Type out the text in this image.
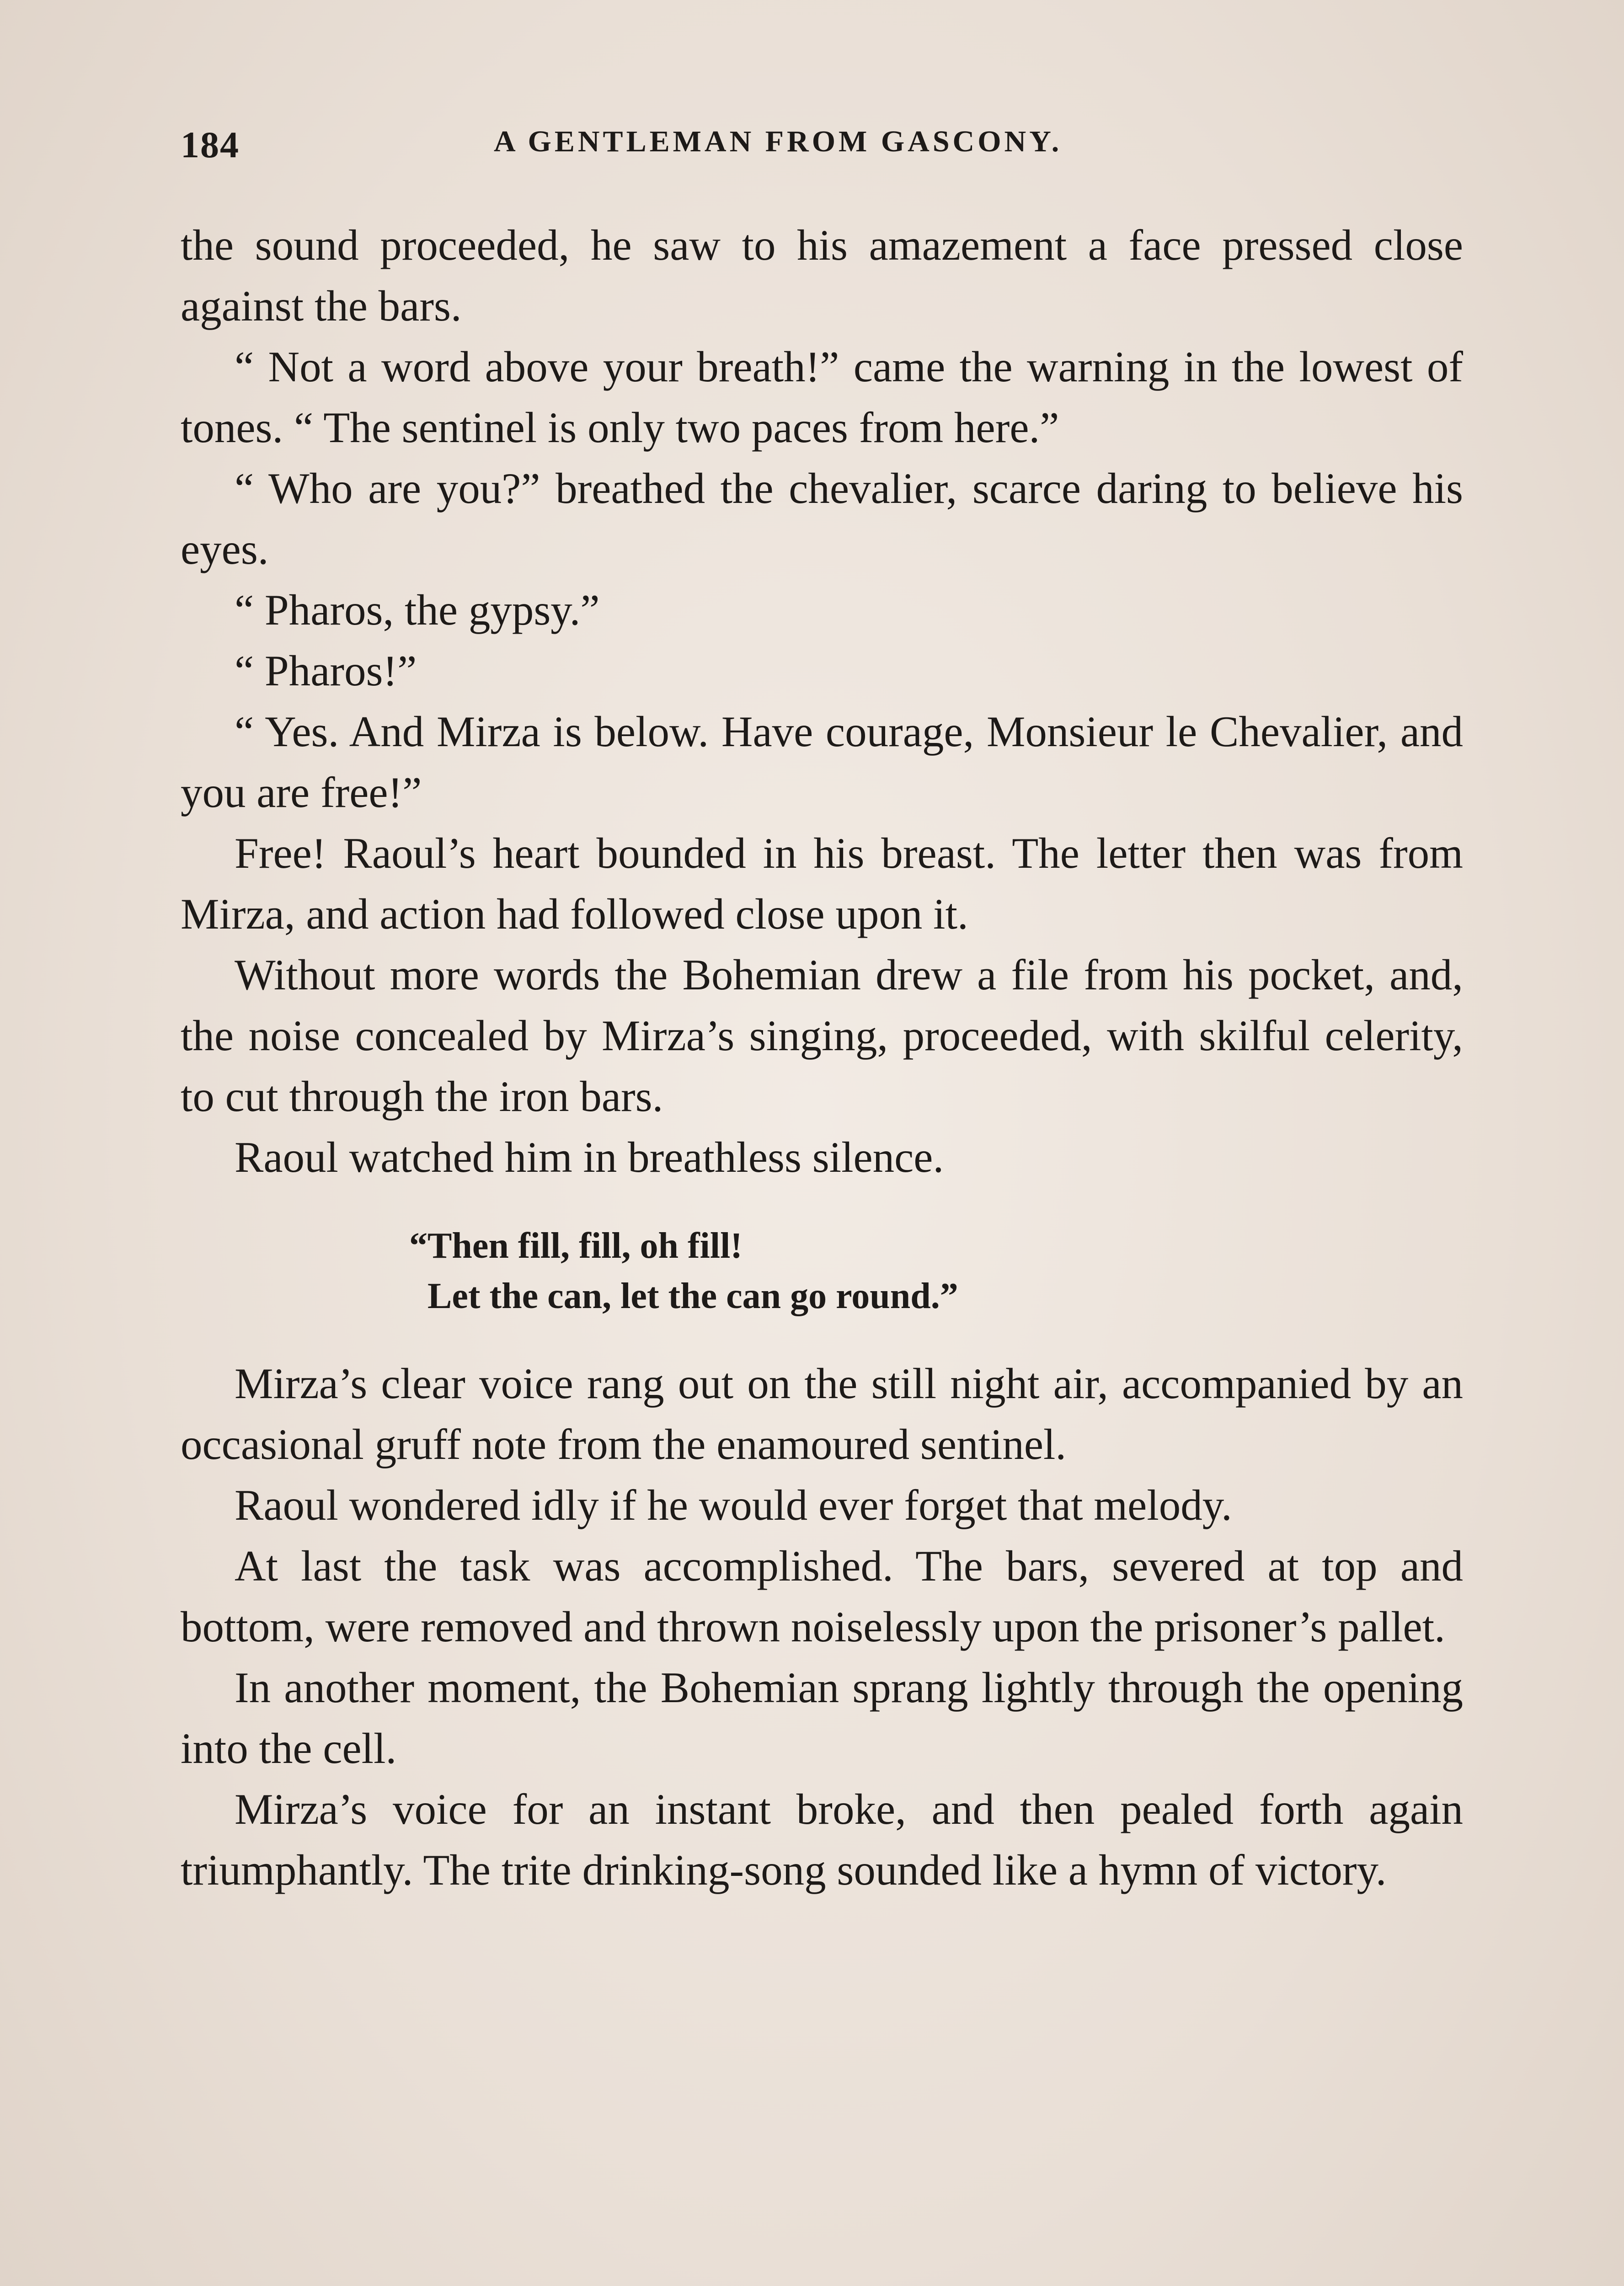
184	A GENTLEMAN FROM GASCONY.

the sound proceeded, he saw to his amazement a face pressed close against the bars.

“ Not a word above your breath!” came the warning in the lowest of tones. “ The sentinel is only two paces from here.”

“ Who are you?” breathed the chevalier, scarce daring to believe his eyes.

“ Pharos, the gypsy.”

“ Pharos!”

“ Yes. And Mirza is below. Have courage, Monsieur le Chevalier, and you are free!”

Free! Raoul’s heart bounded in his breast. The letter then was from Mirza, and action had followed close upon it.

Without more words the Bohemian drew a file from his pocket, and, the noise concealed by Mirza’s singing, proceeded, with skilful celerity, to cut through the iron bars.

Raoul watched him in breathless silence.

“Then fill, fill, oh fill!
Let the can, let the can go round.”

Mirza’s clear voice rang out on the still night air, accompanied by an occasional gruff note from the enamoured sentinel.

Raoul wondered idly if he would ever forget that melody.

At last the task was accomplished. The bars, severed at top and bottom, were removed and thrown noiselessly upon the prisoner’s pallet.

In another moment, the Bohemian sprang lightly through the opening into the cell.

Mirza’s voice for an instant broke, and then pealed forth again triumphantly. The trite drinking-song sounded like a hymn of victory.
